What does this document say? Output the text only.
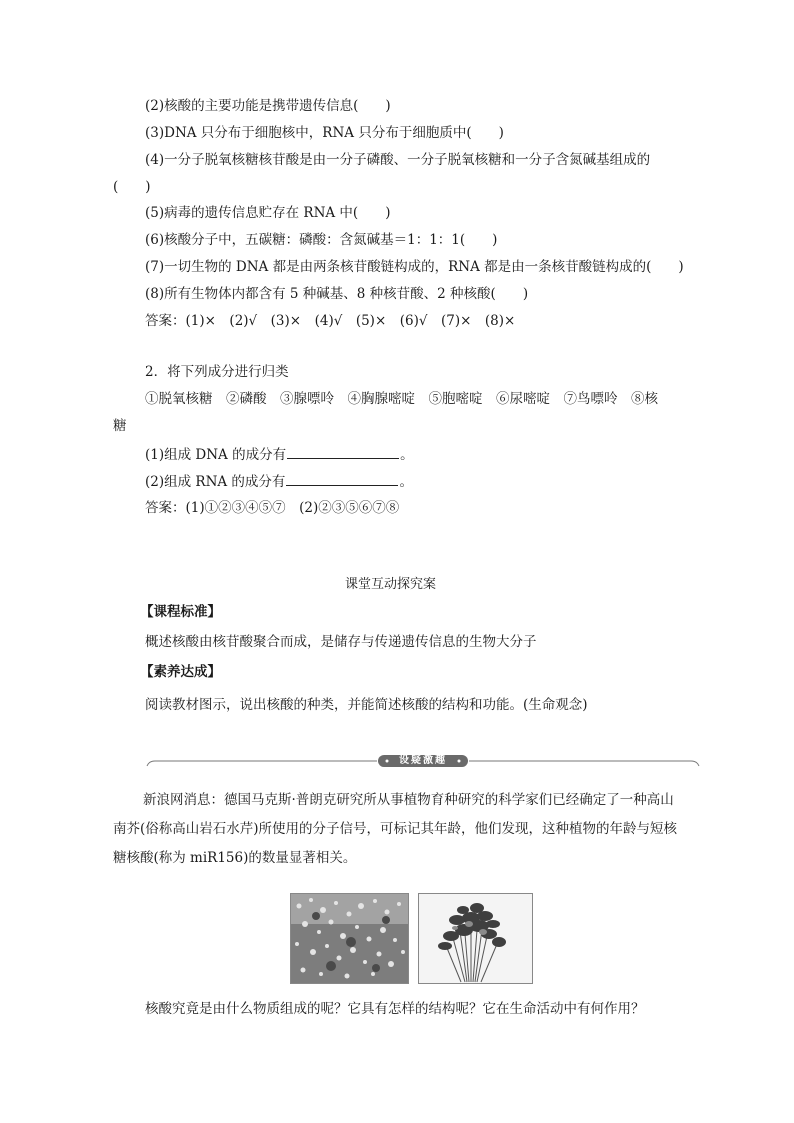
(2)核酸的主要功能是携带遗传信息(　　)
(3)DNA 只分布于细胞核中，RNA 只分布于细胞质中(　　)
(4)一分子脱氧核糖核苷酸是由一分子磷酸、一分子脱氧核糖和一分子含氮碱基组成的
(　　)
(5)病毒的遗传信息贮存在 RNA 中(　　)
(6)核酸分子中，五碳糖：磷酸：含氮碱基＝1：1：1(　　)
(7)一切生物的 DNA 都是由两条核苷酸链构成的，RNA 都是由一条核苷酸链构成的(　　)
(8)所有生物体内都含有 5 种碱基、8 种核苷酸、2 种核酸(　　)
答案：(1)×　(2)√　(3)×　(4)√　(5)×　(6)√　(7)×　(8)×
2．将下列成分进行归类
①脱氧核糖　②磷酸　③腺嘌呤　④胸腺嘧啶　⑤胞嘧啶　⑥尿嘧啶　⑦鸟嘌呤　⑧核
糖
(1)组成 DNA 的成分有	。
(2)组成 RNA 的成分有	。
答案：(1)①②③④⑤⑦　(2)②③⑤⑥⑦⑧
课堂互动探究案
【课程标准】
概述核酸由核苷酸聚合而成，是储存与传递遗传信息的生物大分子
【素养达成】
阅读教材图示，说出核酸的种类，并能简述核酸的结构和功能。(生命观念)
设疑激趣
新浪网消息：德国马克斯·普朗克研究所从事植物育种研究的科学家们已经确定了一种高山南芥(俗称高山岩石水芹)所使用的分子信号，可标记其年龄，他们发现，这种植物的年龄与短核糖核酸(称为 miR156)的数量显著相关。
核酸究竟是由什么物质组成的呢？它具有怎样的结构呢？它在生命活动中有何作用？
